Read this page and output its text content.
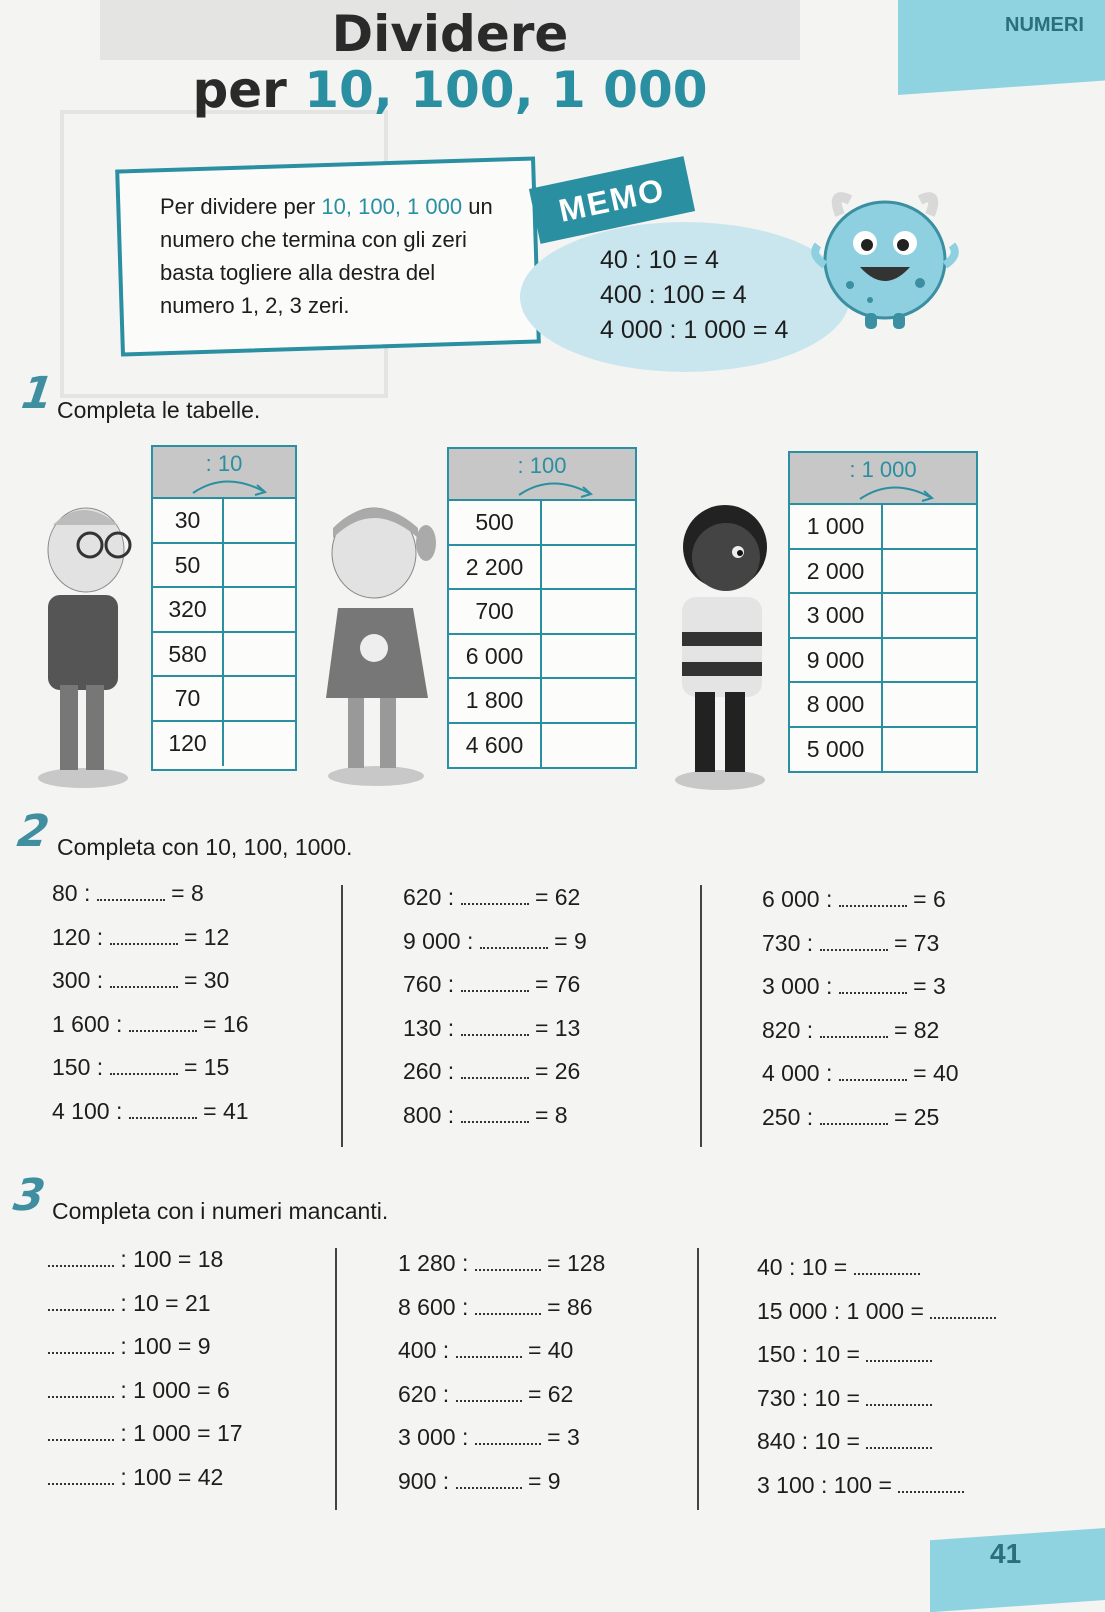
NUMERI
Dividere
per 10, 100, 1 000
Per dividere per 10, 100, 1 000 un numero che termina con gli zeri basta togliere alla destra del numero 1, 2, 3 zeri.
MEMO
40 : 10 = 4
400 : 100 = 4
4 000 : 1 000 = 4
1 Completa le tabelle.
: 10
30
50
320
580
70
120
: 100
500
2 200
700
6 000
1 800
4 600
: 1 000
1 000
2 000
3 000
9 000
8 000
5 000
2 Completa con 10, 100, 1000.
80 :	= 8
120 :	= 12
300 :	= 30
1 600 :	= 16
150 :	= 15
4 100 :	= 41
620 :	= 62
9 000 :	= 9
760 :	= 76
130 :	= 13
260 :	= 26
800 :	= 8
6 000 :	= 6
730 :	= 73
3 000 :	= 3
820 :	= 82
4 000 :	= 40
250 :	= 25
3 Completa con i numeri mancanti.
: 100 = 18
: 10 = 21
: 100 = 9
: 1 000 = 6
: 1 000 = 17
: 100 = 42
1 280 :	= 128
8 600 :	= 86
400 :	= 40
620 :	= 62
3 000 :	= 3
900 :	= 9
40 : 10 =
15 000 : 1 000 =
150 : 10 =
730 : 10 =
840 : 10 =
3 100 : 100 =
41
